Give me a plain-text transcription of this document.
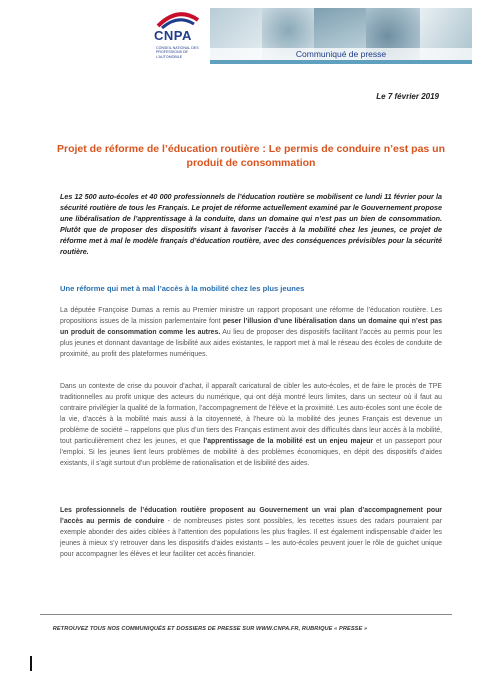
CNPA
CONSEIL NATIONAL DES PROFESSIONS DE L'AUTOMOBILE	Communiqué de presse
Le 7 février 2019
Projet de réforme de l’éducation routière : Le permis de conduire n’est pas un produit de consommation
Les 12 500 auto-écoles et 40 000 professionnels de l’éducation routière se mobilisent ce lundi 11 février pour la sécurité routière de tous les Français. Le projet de réforme actuellement examiné par le Gouvernement propose une libéralisation de l’apprentissage à la conduite, dans un domaine qui n’est pas un bien de consommation. Plutôt que de proposer des dispositifs visant à favoriser l’accès à la mobilité chez les jeunes, ce projet de réforme met à mal le modèle français d’éducation routière, avec des conséquences prévisibles pour la sécurité routière.
Une réforme qui met à mal l’accès à la mobilité chez les plus jeunes
La députée Françoise Dumas a remis au Premier ministre un rapport proposant une réforme de l’éducation routière. Les propositions issues de la mission parlementaire font peser l’illusion d’une libéralisation dans un domaine qui n’est pas un produit de consommation comme les autres. Au lieu de proposer des dispositifs facilitant l’accès au permis pour les plus jeunes et donnant davantage de lisibilité aux aides existantes, le rapport met à mal le réseau des écoles de conduite de proximité, au profit des plateformes numériques.
Dans un contexte de crise du pouvoir d’achat, il apparaît caricatural de cibler les auto-écoles, et de faire le procès de TPE traditionnelles au profit unique des acteurs du numérique, qui ont déjà montré leurs limites, dans un secteur où il faut au contraire privilégier la qualité de la formation, l’accompagnement de l’élève et la proximité. Les auto-écoles sont une école de la vie, d’accès à la mobilité mais aussi à la citoyenneté, à l’heure où la mobilité des jeunes Français est devenue un problème de société – rappelons que plus d’un tiers des Français estiment avoir des difficultés dans leur accès à la mobilité, tout particulièrement chez les jeunes, et que l’apprentissage de la mobilité est un enjeu majeur et un passeport pour l’emploi. Si les jeunes lient leurs problèmes de mobilité à des problèmes économiques, en dépit des dispositifs d’aides existants, il s’agit surtout d’un problème de rationalisation et de lisibilité des aides.
Les professionnels de l’éducation routière proposent au Gouvernement un vrai plan d’accompagnement pour l’accès au permis de conduire - de nombreuses pistes sont possibles, les recettes issues des radars pourraient par exemple abonder des aides ciblées à l’attention des populations les plus fragiles. Il est également indispensable d’aider les jeunes à mieux s’y retrouver dans les dispositifs d’aides existants – les auto-écoles peuvent jouer le rôle de guichet unique pour accompagner les élèves et leur faciliter cet accès financier.
RETROUVEZ TOUS NOS COMMUNIQUÉS ET DOSSIERS DE PRESSE SUR WWW.CNPA.FR, RUBRIQUE « PRESSE »
